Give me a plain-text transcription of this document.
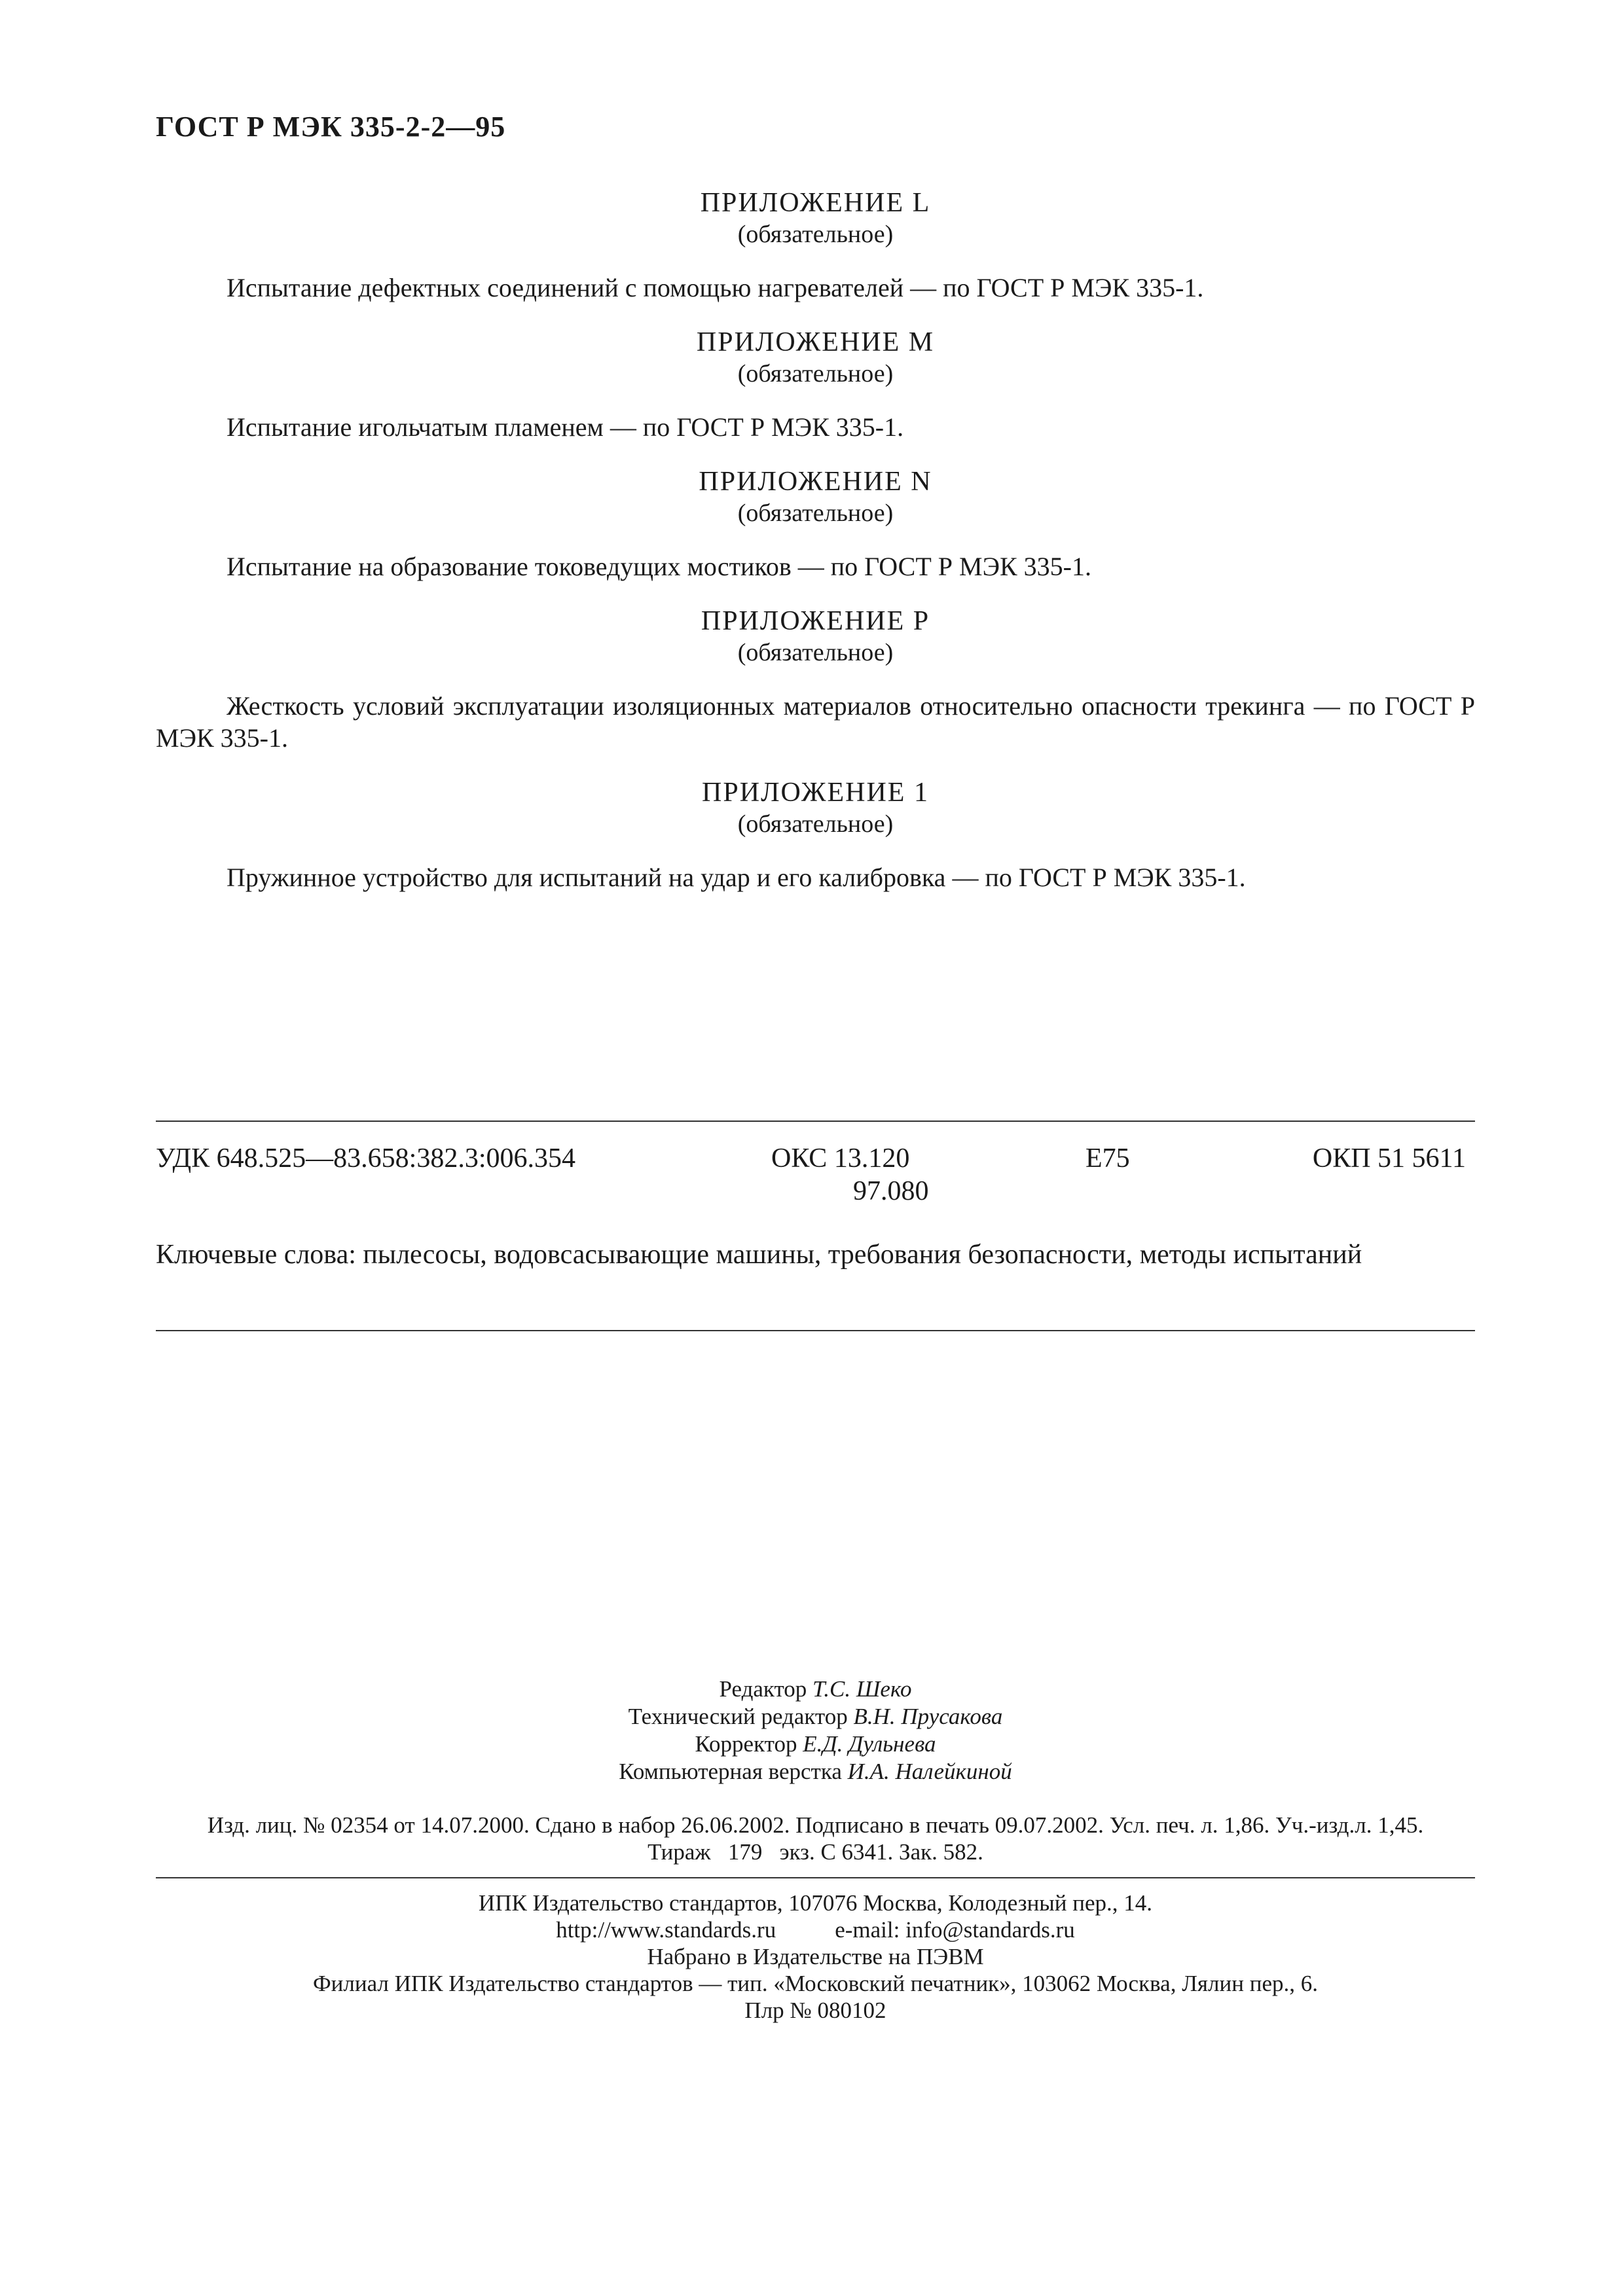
ГОСТ Р МЭК 335-2-2—95
ПРИЛОЖЕНИЕ L
(обязательное)
Испытание дефектных соединений с помощью нагревателей — по ГОСТ Р МЭК 335-1.
ПРИЛОЖЕНИЕ M
(обязательное)
Испытание игольчатым пламенем — по ГОСТ Р МЭК 335-1.
ПРИЛОЖЕНИЕ N
(обязательное)
Испытание на образование токоведущих мостиков — по ГОСТ Р МЭК 335-1.
ПРИЛОЖЕНИЕ P
(обязательное)
Жесткость условий эксплуатации изоляционных материалов относительно опасности трекинга — по ГОСТ Р МЭК 335-1.
ПРИЛОЖЕНИЕ 1
(обязательное)
Пружинное устройство для испытаний на удар и его калибровка — по ГОСТ Р МЭК 335-1.
УДК 648.525—83.658:382.3:006.354	ОКС 13.120
97.080
Е75	ОКП 51 5611
Ключевые слова: пылесосы, водовсасывающие машины, требования безопасности, методы испытаний
Редактор Т.С. Шеко
Технический редактор В.Н. Прусакова
Корректор Е.Д. Дульнева
Компьютерная верстка И.А. Налейкиной
Изд. лиц. № 02354 от 14.07.2000. Сдано в набор 26.06.2002. Подписано в печать 09.07.2002. Усл. печ. л. 1,86. Уч.-изд.л. 1,45.
Тираж   179   экз. С 6341. Зак. 582.
ИПК Издательство стандартов, 107076 Москва, Колодезный пер., 14.
http://www.standards.ru	e-mail: info@standards.ru
Набрано в Издательстве на ПЭВМ
Филиал ИПК Издательство стандартов — тип. «Московский печатник», 103062 Москва, Лялин пер., 6.
Плр № 080102
